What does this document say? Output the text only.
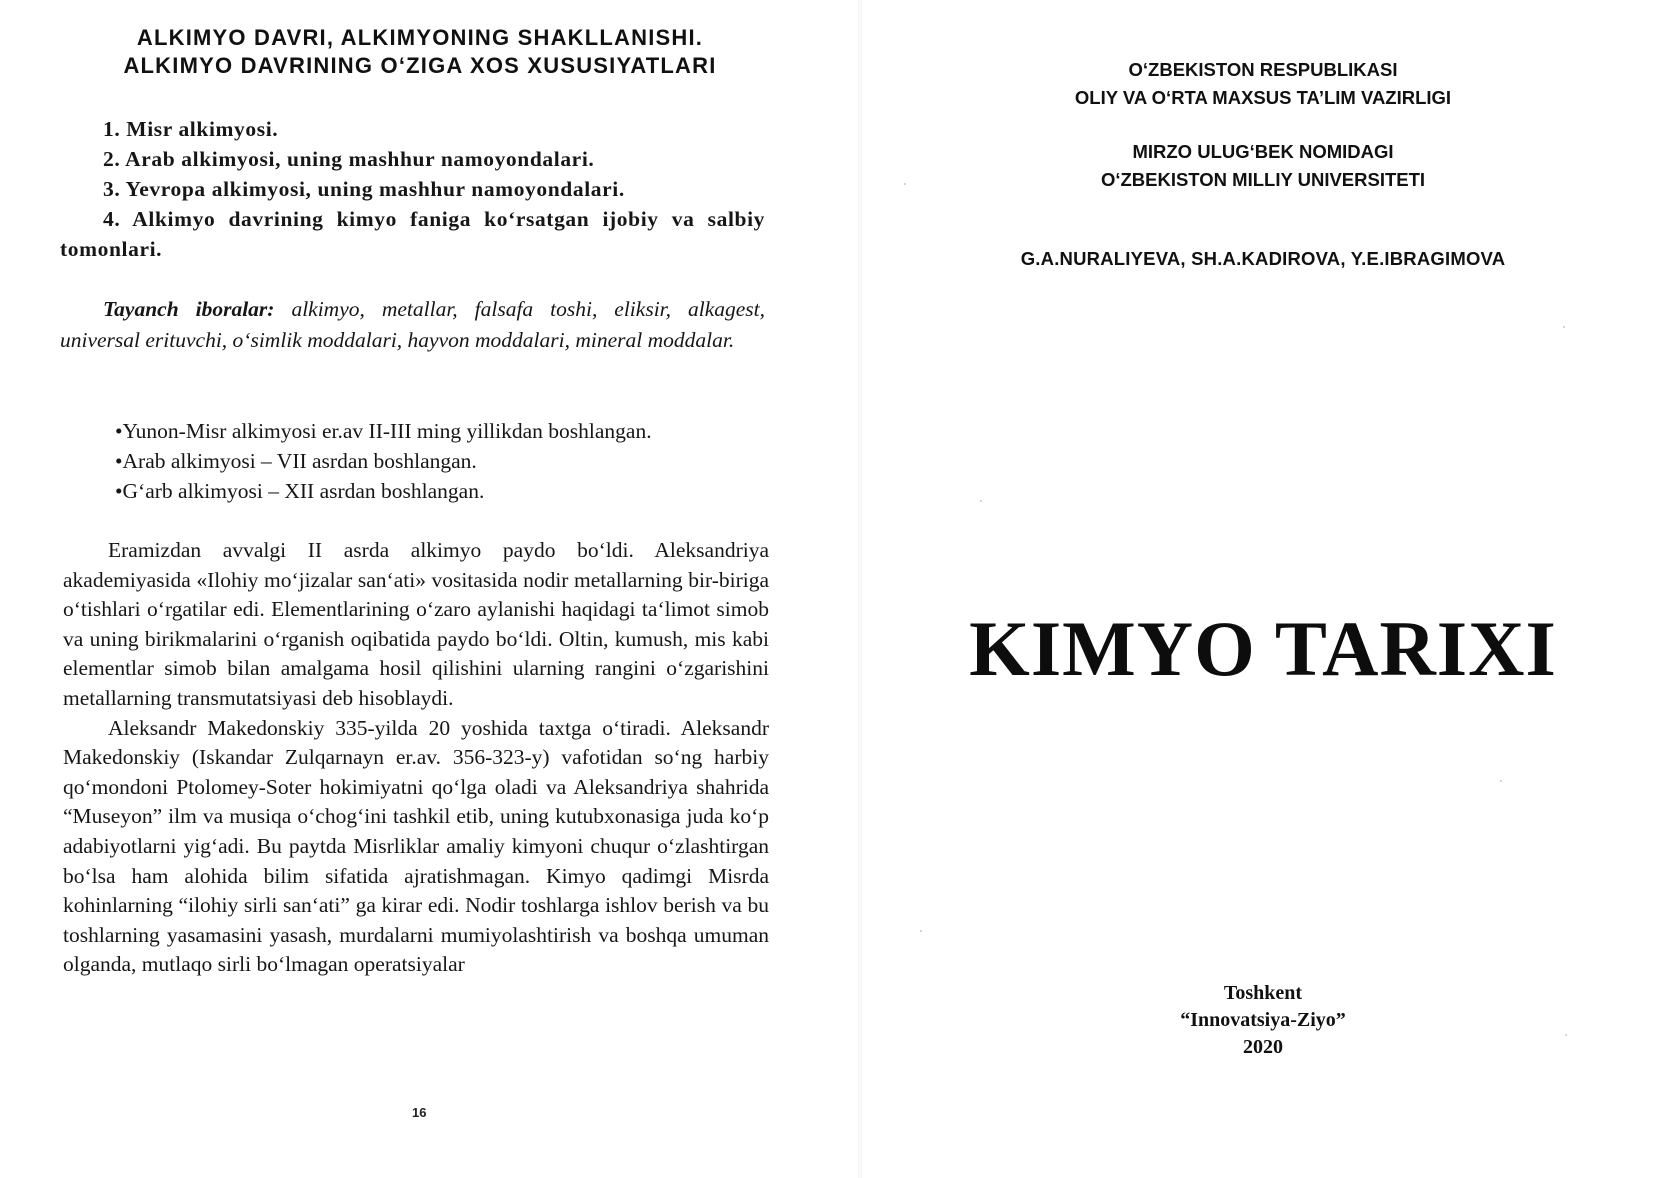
ALKIMYO DAVRI, ALKIMYONING SHAKLLANISHI.
ALKIMYO DAVRINING O‘ZIGA XOS XUSUSIYATLARI
1. Misr alkimyosi.
2. Arab alkimyosi, uning mashhur namoyondalari.
3. Yevropa alkimyosi, uning mashhur namoyondalari.
4. Alkimyo davrining kimyo faniga ko‘rsatgan ijobiy va salbiy tomonlari.
Tayanch iboralar: alkimyo, metallar, falsafa toshi, eliksir, alkagest, universal erituvchi, o‘simlik moddalari, hayvon moddalari, mineral moddalar.
•Yunon-Misr alkimyosi er.av II-III ming yillikdan boshlangan.
•Arab alkimyosi – VII asrdan boshlangan.
•G‘arb alkimyosi – XII asrdan boshlangan.

Eramizdan avvalgi II asrda alkimyo paydo bo‘ldi. Aleksandriya akademiyasida «Ilohiy mo‘jizalar san‘ati» vositasida nodir metallarning bir-biriga o‘tishlari o‘rgatilar edi. Elementlarining o‘zaro aylanishi haqidagi ta‘limot simob va uning birikmalarini o‘rganish oqibatida paydo bo‘ldi. Oltin, kumush, mis kabi elementlar simob bilan amalgama hosil qilishini ularning rangini o‘zgarishini metallarning transmutatsiyasi deb hisoblaydi.

Aleksandr Makedonskiy 335-yilda 20 yoshida taxtga o‘tiradi. Aleksandr Makedonskiy (Iskandar Zulqarnayn er.av. 356-323-y) vafotidan so‘ng harbiy qo‘mondoni Ptolomey-Soter hokimiyatni qo‘lga oladi va Aleksandriya shahrida “Museyon” ilm va musiqa o‘chog‘ini tashkil etib, uning kutubxonasiga juda ko‘p adabiyotlarni yig‘adi. Bu paytda Misrliklar amaliy kimyoni chuqur o‘zlashtirgan bo‘lsa ham alohida bilim sifatida ajratishmagan. Kimyo qadimgi Misrda kohinlarning “ilohiy sirli san‘ati” ga kirar edi. Nodir toshlarga ishlov berish va bu toshlarning yasamasini yasash, murdalarni mumiyolashtirish va boshqa umuman olganda, mutlaqo sirli bo‘lmagan operatsiyalar

16
O‘ZBEKISTON RESPUBLIKASI
OLIY VA O‘RTA MAXSUS TA’LIM VAZIRLIGI
MIRZO ULUG‘BEK NOMIDAGI
O‘ZBEKISTON MILLIY UNIVERSITETI
G.A.NURALIYEVA, SH.A.KADIROVA, Y.E.IBRAGIMOVA
KIMYO TARIXI
Toshkent
“Innovatsiya-Ziyo”
2020
